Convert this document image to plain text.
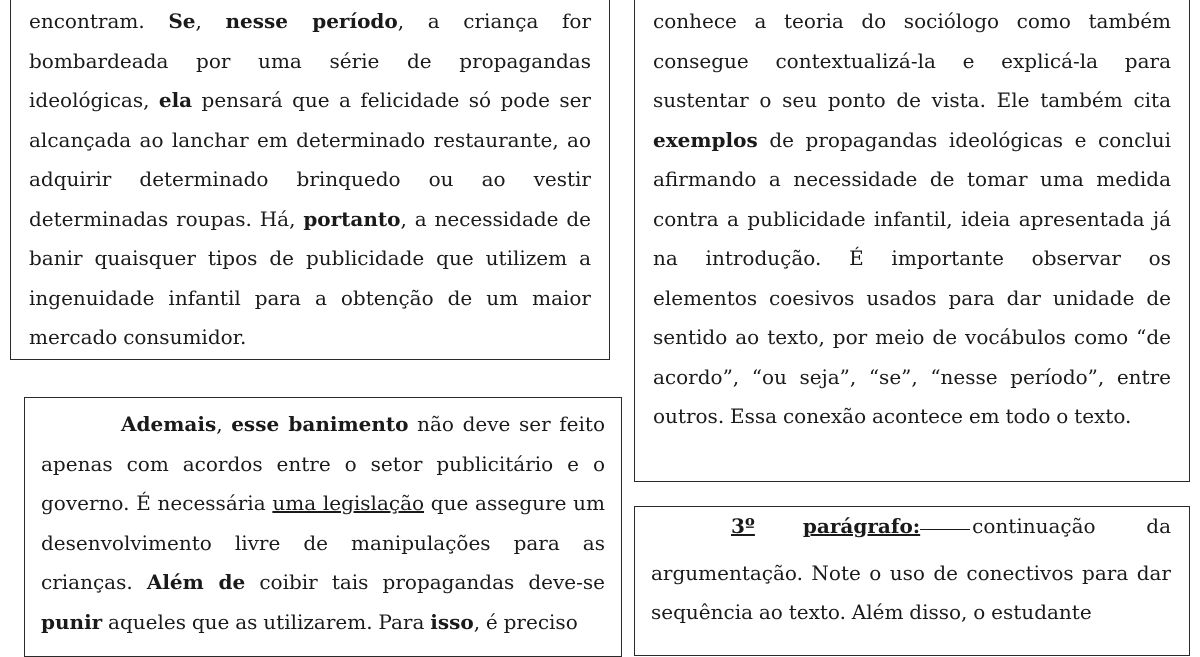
encontram. Se, nesse período, a criança for bombardeada por uma série de propagandas ideológicas, ela pensará que a felicidade só pode ser alcançada ao lanchar em determinado restaurante, ao adquirir determinado brinquedo ou ao vestir determinadas roupas. Há, portanto, a necessidade de banir quaisquer tipos de publicidade que utilizem a ingenuidade infantil para a obtenção de um maior mercado consumidor.

conhece a teoria do sociólogo como também consegue contextualizá-la e explicá-la para sustentar o seu ponto de vista. Ele também cita exemplos de propagandas ideológicas e conclui afirmando a necessidade de tomar uma medida contra a publicidade infantil, ideia apresentada já na introdução. É importante observar os elementos coesivos usados para dar unidade de sentido ao texto, por meio de vocábulos como “de acordo”, “ou seja”, “se”, “nesse período”, entre outros. Essa conexão acontece em todo o texto.

Ademais, esse banimento não deve ser feito apenas com acordos entre o setor publicitário e o governo. É necessária uma legislação que assegure um desenvolvimento livre de manipulações para as crianças. Além de coibir tais propagandas deve-se punir aqueles que as utilizarem. Para isso, é preciso

3º parágrafo:	continuação	da

argumentação. Note o uso de conectivos para dar sequência ao texto. Além disso, o estudante
